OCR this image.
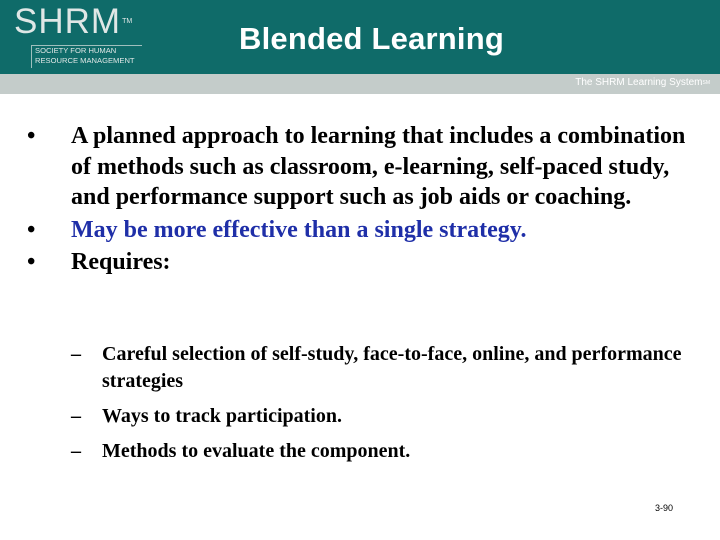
SHRM™
SOCIETY FOR HUMAN
RESOURCE MANAGEMENT
Blended Learning
The SHRM Learning System℠
•	A planned approach to learning that includes a combination of methods such as classroom, e-learning, self-paced study, and performance support such as job aids or coaching.
•	May be more effective than a single strategy.
•	Requires:
– Careful selection of self-study, face-to-face, online, and performance strategies
– Ways to track participation.
– Methods to evaluate the component.
3-90
